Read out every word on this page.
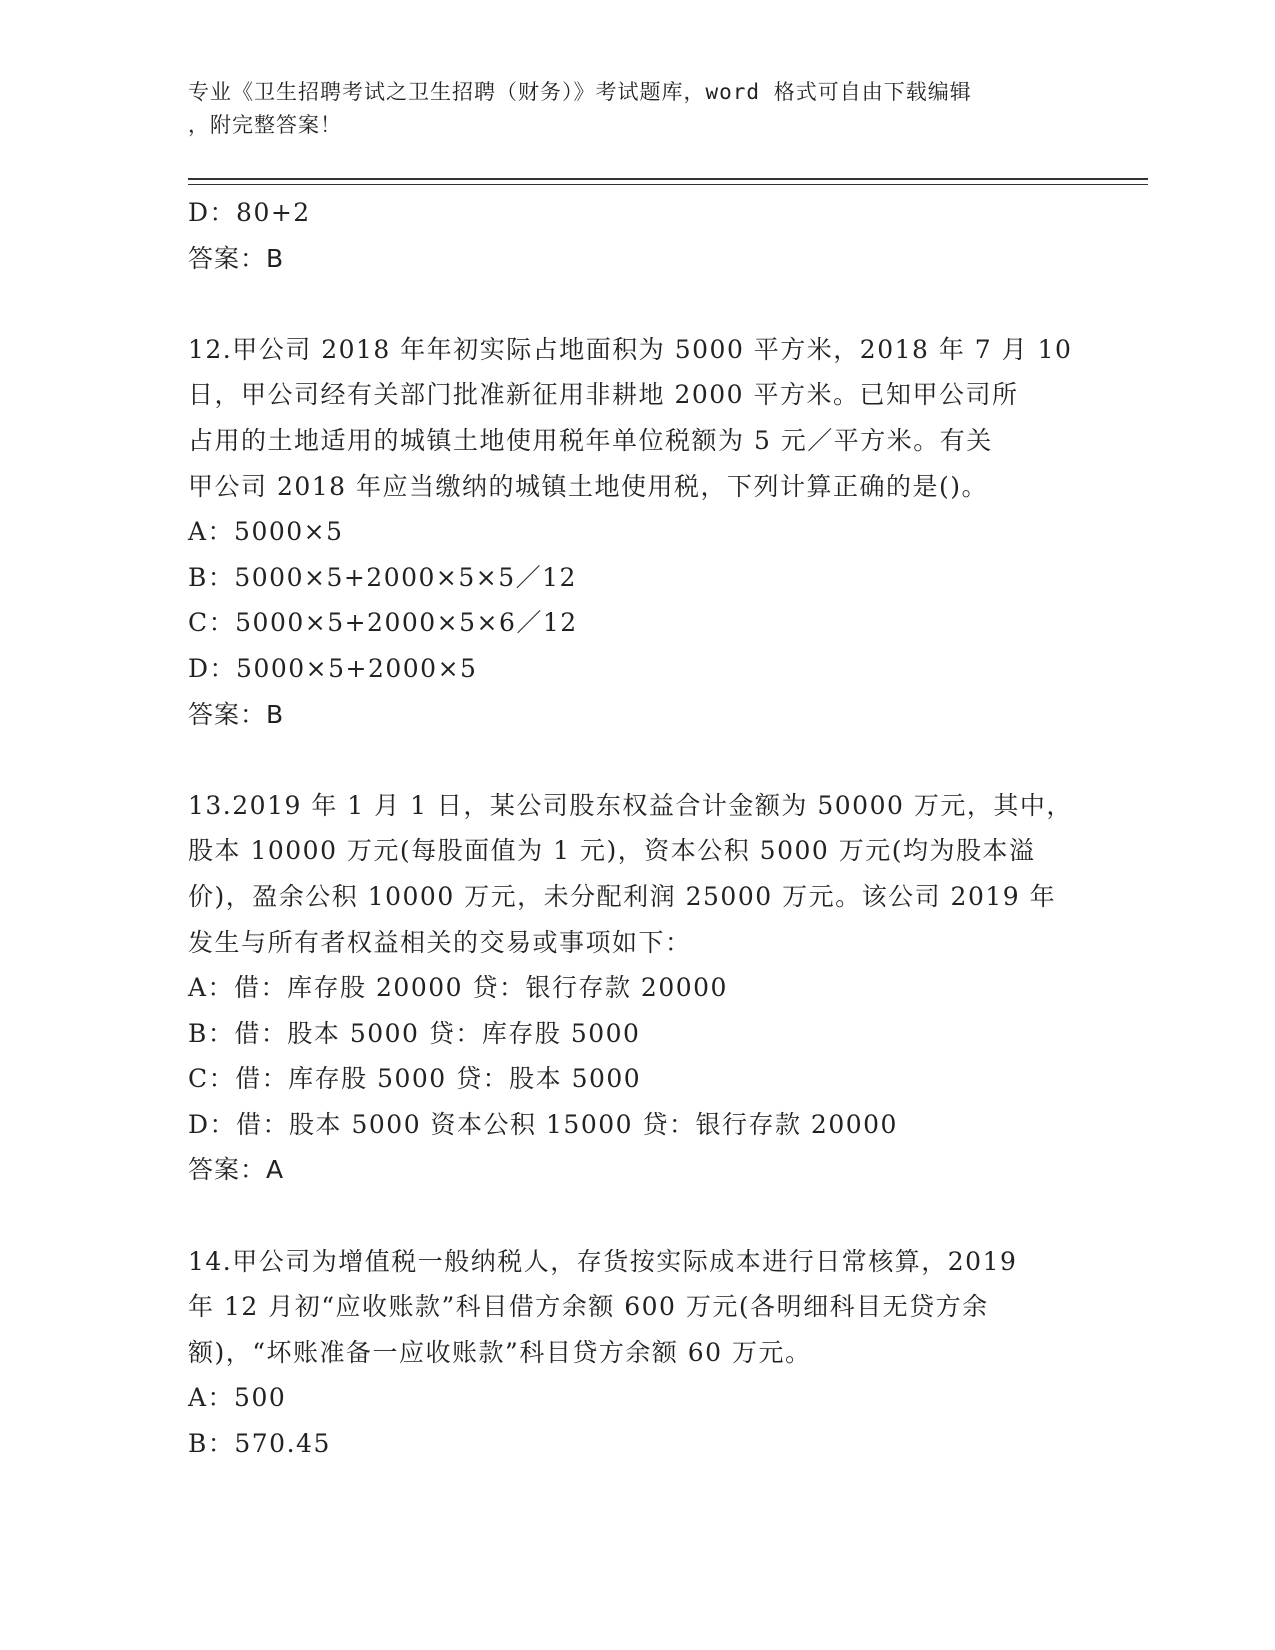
专业《卫生招聘考试之卫生招聘（财务）》考试题库，word 格式可自由下载编辑
，附完整答案！
D：80+2
答案：B
12.甲公司 2018 年年初实际占地面积为 5000 平方米，2018 年 7 月 10
日，甲公司经有关部门批准新征用非耕地 2000 平方米。已知甲公司所
占用的土地适用的城镇土地使用税年单位税额为 5 元／平方米。有关
甲公司 2018 年应当缴纳的城镇土地使用税，下列计算正确的是()。
A：5000×5
B：5000×5+2000×5×5／12
C：5000×5+2000×5×6／12
D：5000×5+2000×5
答案：B
13.2019 年 1 月 1 日，某公司股东权益合计金额为 50000 万元，其中，
股本 10000 万元(每股面值为 1 元)，资本公积 5000 万元(均为股本溢
价)，盈余公积 10000 万元，未分配利润 25000 万元。该公司 2019 年
发生与所有者权益相关的交易或事项如下：
A：借：库存股 20000 贷：银行存款 20000
B：借：股本 5000 贷：库存股 5000
C：借：库存股 5000 贷：股本 5000
D：借：股本 5000 资本公积 15000 贷：银行存款 20000
答案：A
14.甲公司为增值税一般纳税人，存货按实际成本进行日常核算，2019
年 12 月初“应收账款”科目借方余额 600 万元(各明细科目无贷方余
额)，“坏账准备一应收账款”科目贷方余额 60 万元。
A：500
B：570.45
